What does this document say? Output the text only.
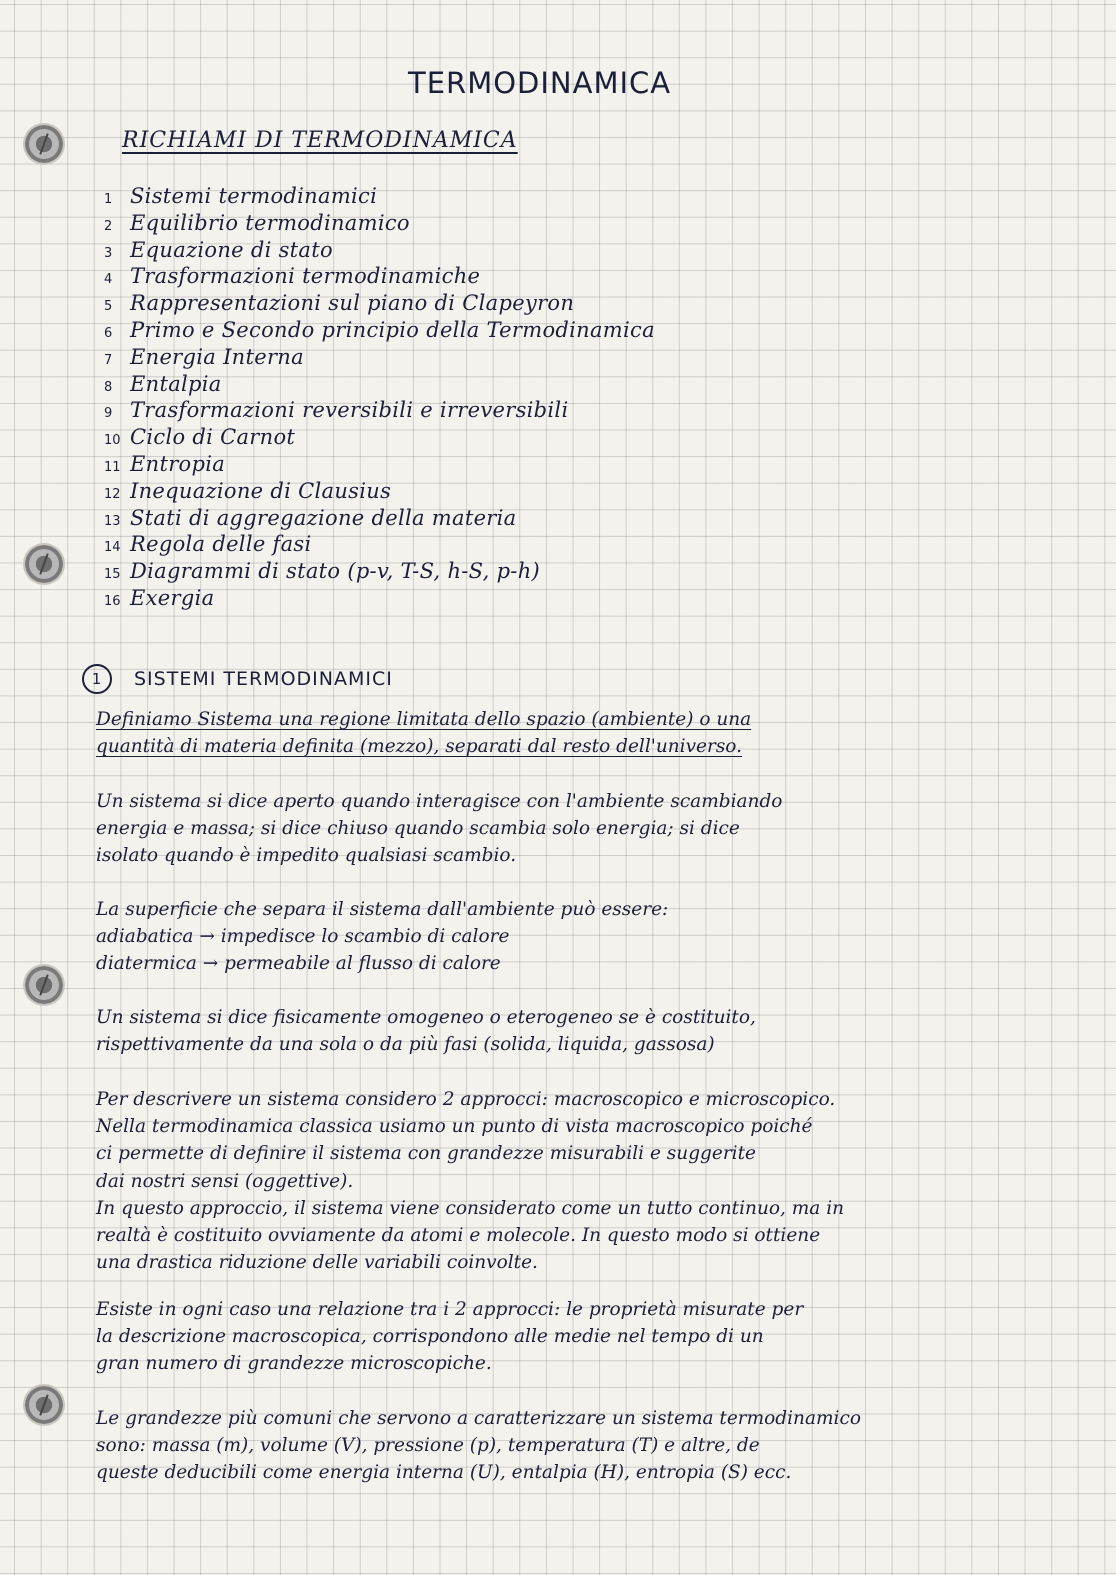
TERMODINAMICA
RICHIAMI DI TERMODINAMICA
1 Sistemi termodinamici
2 Equilibrio termodinamico
3 Equazione di stato
4 Trasformazioni termodinamiche
5 Rappresentazioni sul piano di Clapeyron
6 Primo e Secondo principio della Termodinamica
7 Energia Interna
8 Entalpia
9 Trasformazioni reversibili e irreversibili
10 Ciclo di Carnot
11 Entropia
12 Inequazione di Clausius
13 Stati di aggregazione della materia
14 Regola delle fasi
15 Diagrammi di stato (p-v, T-S, h-S, p-h)
16 Exergia
1	SISTEMI TERMODINAMICI

Definiamo Sistema una regione limitata dello spazio (ambiente) o una
quantità di materia definita (mezzo), separati dal resto dell'universo.

Un sistema si dice aperto quando interagisce con l'ambiente scambiando
energia e massa; si dice chiuso quando scambia solo energia; si dice
isolato quando è impedito qualsiasi scambio.

La superficie che separa il sistema dall'ambiente può essere:
adiabatica → impedisce lo scambio di calore
diatermica → permeabile al flusso di calore

Un sistema si dice fisicamente omogeneo o eterogeneo se è costituito,
rispettivamente da una sola o da più fasi (solida, liquida, gassosa)

Per descrivere un sistema considero 2 approcci: macroscopico e microscopico.
Nella termodinamica classica usiamo un punto di vista macroscopico poiché
ci permette di definire il sistema con grandezze misurabili e suggerite
dai nostri sensi (oggettive).
In questo approccio, il sistema viene considerato come un tutto continuo, ma in
realtà è costituito ovviamente da atomi e molecole. In questo modo si ottiene
una drastica riduzione delle variabili coinvolte.

Esiste in ogni caso una relazione tra i 2 approcci: le proprietà misurate per
la descrizione macroscopica, corrispondono alle medie nel tempo di un
gran numero di grandezze microscopiche.

Le grandezze più comuni che servono a caratterizzare un sistema termodinamico
sono: massa (m), volume (V), pressione (p), temperatura (T) e altre, de
queste deducibili come energia interna (U), entalpia (H), entropia (S) ecc.
